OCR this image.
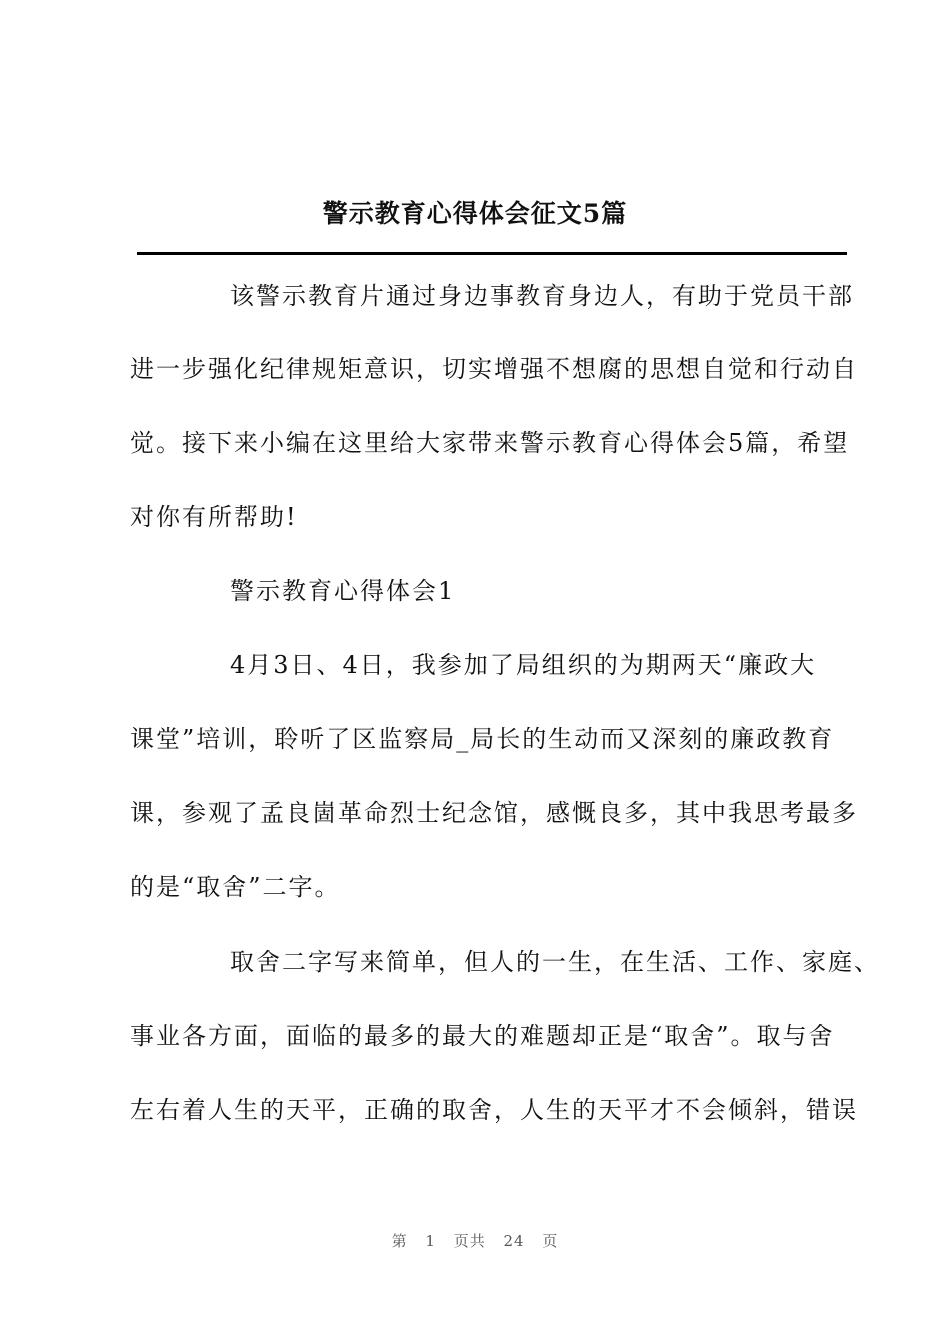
警示教育心得体会征文5篇
该警示教育片通过身边事教育身边人，有助于党员干部
进一步强化纪律规矩意识，切实增强不想腐的思想自觉和行动自
觉。接下来小编在这里给大家带来警示教育心得体会5篇，希望
对你有所帮助!
警示教育心得体会1
4月3日、4日，我参加了局组织的为期两天“廉政大
课堂”培训，聆听了区监察局_局长的生动而又深刻的廉政教育
课，参观了孟良崮革命烈士纪念馆，感慨良多，其中我思考最多
的是“取舍”二字。
取舍二字写来简单，但人的一生，在生活、工作、家庭、
事业各方面，面临的最多的最大的难题却正是“取舍”。取与舍
左右着人生的天平，正确的取舍，人生的天平才不会倾斜，错误
第 1 页共 24 页
